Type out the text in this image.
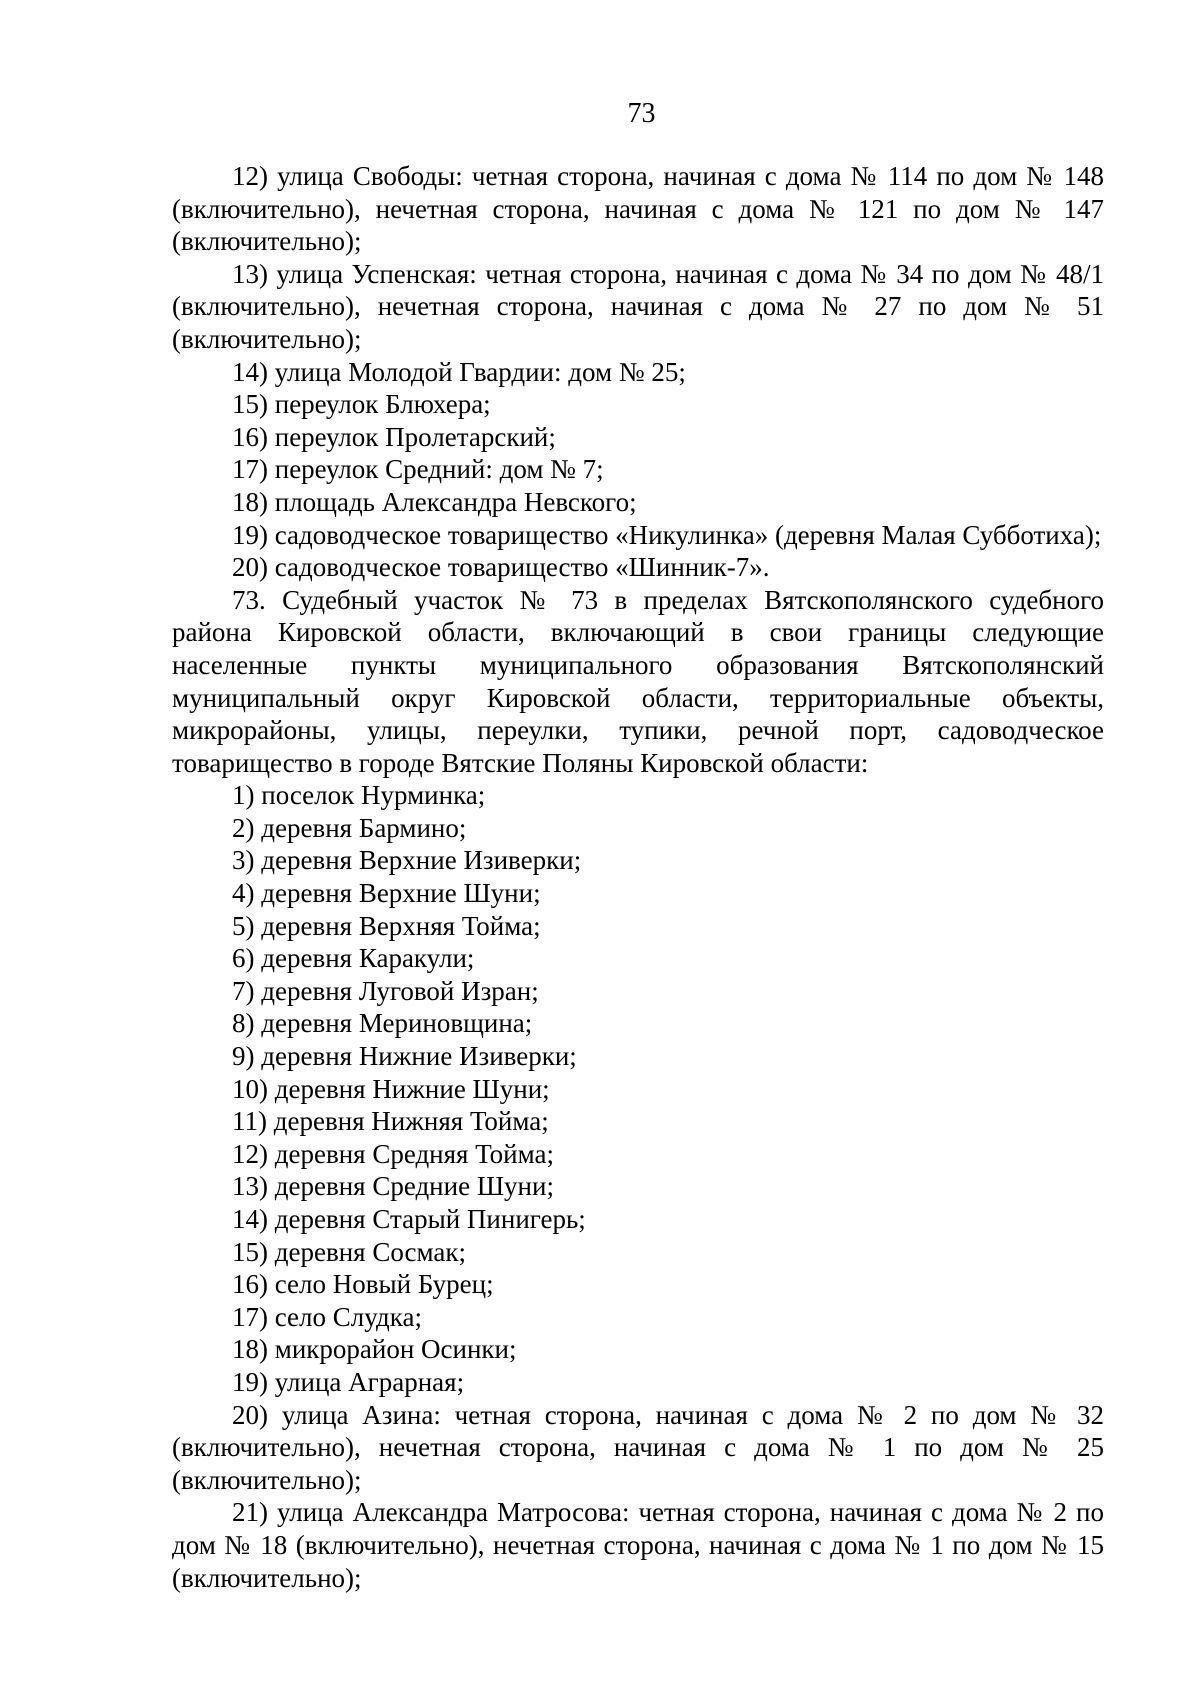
73

12) улица Свободы: четная сторона, начиная с дома № 114 по дом № 148 (включительно), нечетная сторона, начиная с дома № 121 по дом № 147 (включительно);

13) улица Успенская: четная сторона, начиная с дома № 34 по дом № 48/1 (включительно), нечетная сторона, начиная с дома № 27 по дом № 51 (включительно);

14) улица Молодой Гвардии: дом № 25;

15) переулок Блюхера;

16) переулок Пролетарский;

17) переулок Средний: дом № 7;

18) площадь Александра Невского;

19) садоводческое товарищество «Никулинка» (деревня Малая Субботиха);

20) садоводческое товарищество «Шинник-7».

73. Судебный участок № 73 в пределах Вятскополянского судебного района Кировской области, включающий в свои границы следующие населенные пункты муниципального образования Вятскополянский муниципальный округ Кировской области, территориальные объекты, микрорайоны, улицы, переулки, тупики, речной порт, садоводческое товарищество в городе Вятские Поляны Кировской области:

1) поселок Нурминка;

2) деревня Бармино;

3) деревня Верхние Изиверки;

4) деревня Верхние Шуни;

5) деревня Верхняя Тойма;

6) деревня Каракули;

7) деревня Луговой Изран;

8) деревня Мериновщина;

9) деревня Нижние Изиверки;

10) деревня Нижние Шуни;

11) деревня Нижняя Тойма;

12) деревня Средняя Тойма;

13) деревня Средние Шуни;

14) деревня Старый Пинигерь;

15) деревня Сосмак;

16) село Новый Бурец;

17) село Слудка;

18) микрорайон Осинки;

19) улица Аграрная;

20) улица Азина: четная сторона, начиная с дома № 2 по дом № 32 (включительно), нечетная сторона, начиная с дома № 1 по дом № 25 (включительно);

21) улица Александра Матросова: четная сторона, начиная с дома № 2 по дом № 18 (включительно), нечетная сторона, начиная с дома № 1 по дом № 15 (включительно);
